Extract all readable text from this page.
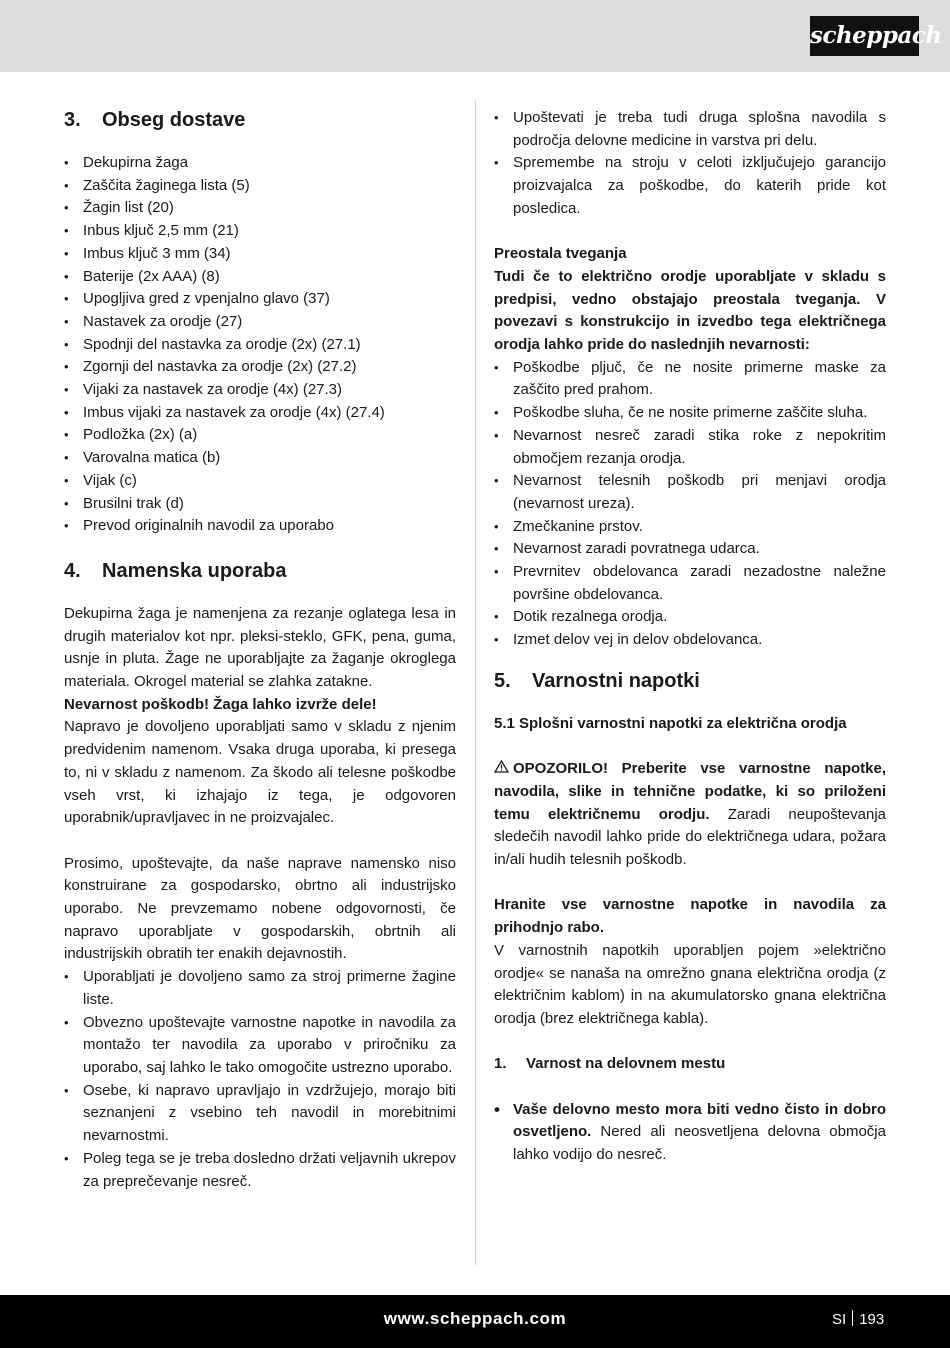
scheppach
3.	Obseg dostave
• Dekupirna žaga
• Zaščita žaginega lista (5)
• Žagin list (20)
• Inbus ključ 2,5 mm (21)
• Imbus ključ 3 mm (34)
• Baterije (2x AAA) (8)
• Upogljiva gred z vpenjalno glavo (37)
• Nastavek za orodje (27)
• Spodnji del nastavka za orodje (2x) (27.1)
• Zgornji del nastavka za orodje (2x) (27.2)
• Vijaki za nastavek za orodje (4x) (27.3)
• Imbus vijaki za nastavek za orodje (4x) (27.4)
• Podložka (2x) (a)
• Varovalna matica (b)
• Vijak (c)
• Brusilni trak (d)
• Prevod originalnih navodil za uporabo
4.	Namenska uporaba

Dekupirna žaga je namenjena za rezanje oglatega lesa in drugih materialov kot npr. pleksi-steklo, GFK, pena, guma, usnje in pluta. Žage ne uporabljajte za žaganje okroglega materiala. Okrogel material se zlahka zatakne.

Nevarnost poškodb! Žaga lahko izvrže dele!

Napravo je dovoljeno uporabljati samo v skladu z njenim predvidenim namenom. Vsaka druga uporaba, ki presega to, ni v skladu z namenom. Za škodo ali telesne poškodbe vseh vrst, ki izhajajo iz tega, je odgovoren uporabnik/upravljavec in ne proizvajalec.

Prosimo, upoštevajte, da naše naprave namensko niso konstruirane za gospodarsko, obrtno ali industrijsko uporabo. Ne prevzemamo nobene odgovornosti, če napravo uporabljate v gospodarskih, obrtnih ali industrijskih obratih ter enakih dejavnostih.

• Uporabljati je dovoljeno samo za stroj primerne žagine liste.
• Obvezno upoštevajte varnostne napotke in navodila za montažo ter navodila za uporabo v priročniku za uporabo, saj lahko le tako omogočite ustrezno uporabo.
• Osebe, ki napravo upravljajo in vzdržujejo, morajo biti seznanjeni z vsebino teh navodil in morebitnimi nevarnostmi.
• Poleg tega se je treba dosledno držati veljavnih ukrepov za preprečevanje nesreč.
• Upoštevati je treba tudi druga splošna navodila s področja delovne medicine in varstva pri delu.
• Spremembe na stroju v celoti izključujejo garancijo proizvajalca za poškodbe, do katerih pride kot posledica.

Preostala tveganja

Tudi če to električno orodje uporabljate v skladu s predpisi, vedno obstajajo preostala tveganja. V povezavi s konstrukcijo in izvedbo tega električnega orodja lahko pride do naslednjih nevarnosti:

• Poškodbe pljuč, če ne nosite primerne maske za zaščito pred prahom.
• Poškodbe sluha, če ne nosite primerne zaščite sluha.
• Nevarnost nesreč zaradi stika roke z nepokritim območjem rezanja orodja.
• Nevarnost telesnih poškodb pri menjavi orodja (nevarnost ureza).
• Zmečkanine prstov.
• Nevarnost zaradi povratnega udarca.
• Prevrnitev obdelovanca zaradi nezadostne naležne površine obdelovanca.
• Dotik rezalnega orodja.
• Izmet delov vej in delov obdelovanca.
5.	Varnostni napotki

5.1 Splošni varnostni napotki za električna orodja

OPOZORILO! Preberite vse varnostne napotke, navodila, slike in tehnične podatke, ki so priloženi temu električnemu orodju. Zaradi neupoštevanja sledečih navodil lahko pride do električnega udara, požara in/ali hudih telesnih poškodb.

Hranite vse varnostne napotke in navodila za prihodnjo rabo.

V varnostnih napotkih uporabljen pojem »električno orodje« se nanaša na omrežno gnana električna orodja (z električnim kablom) in na akumulatorsko gnana električna orodja (brez električnega kabla).

1.	Varnost na delovnem mestu
• Vaše delovno mesto mora biti vedno čisto in dobro osvetljeno. Nered ali neosvetljena delovna območja lahko vodijo do nesreč.
www.scheppach.com	SI 193
